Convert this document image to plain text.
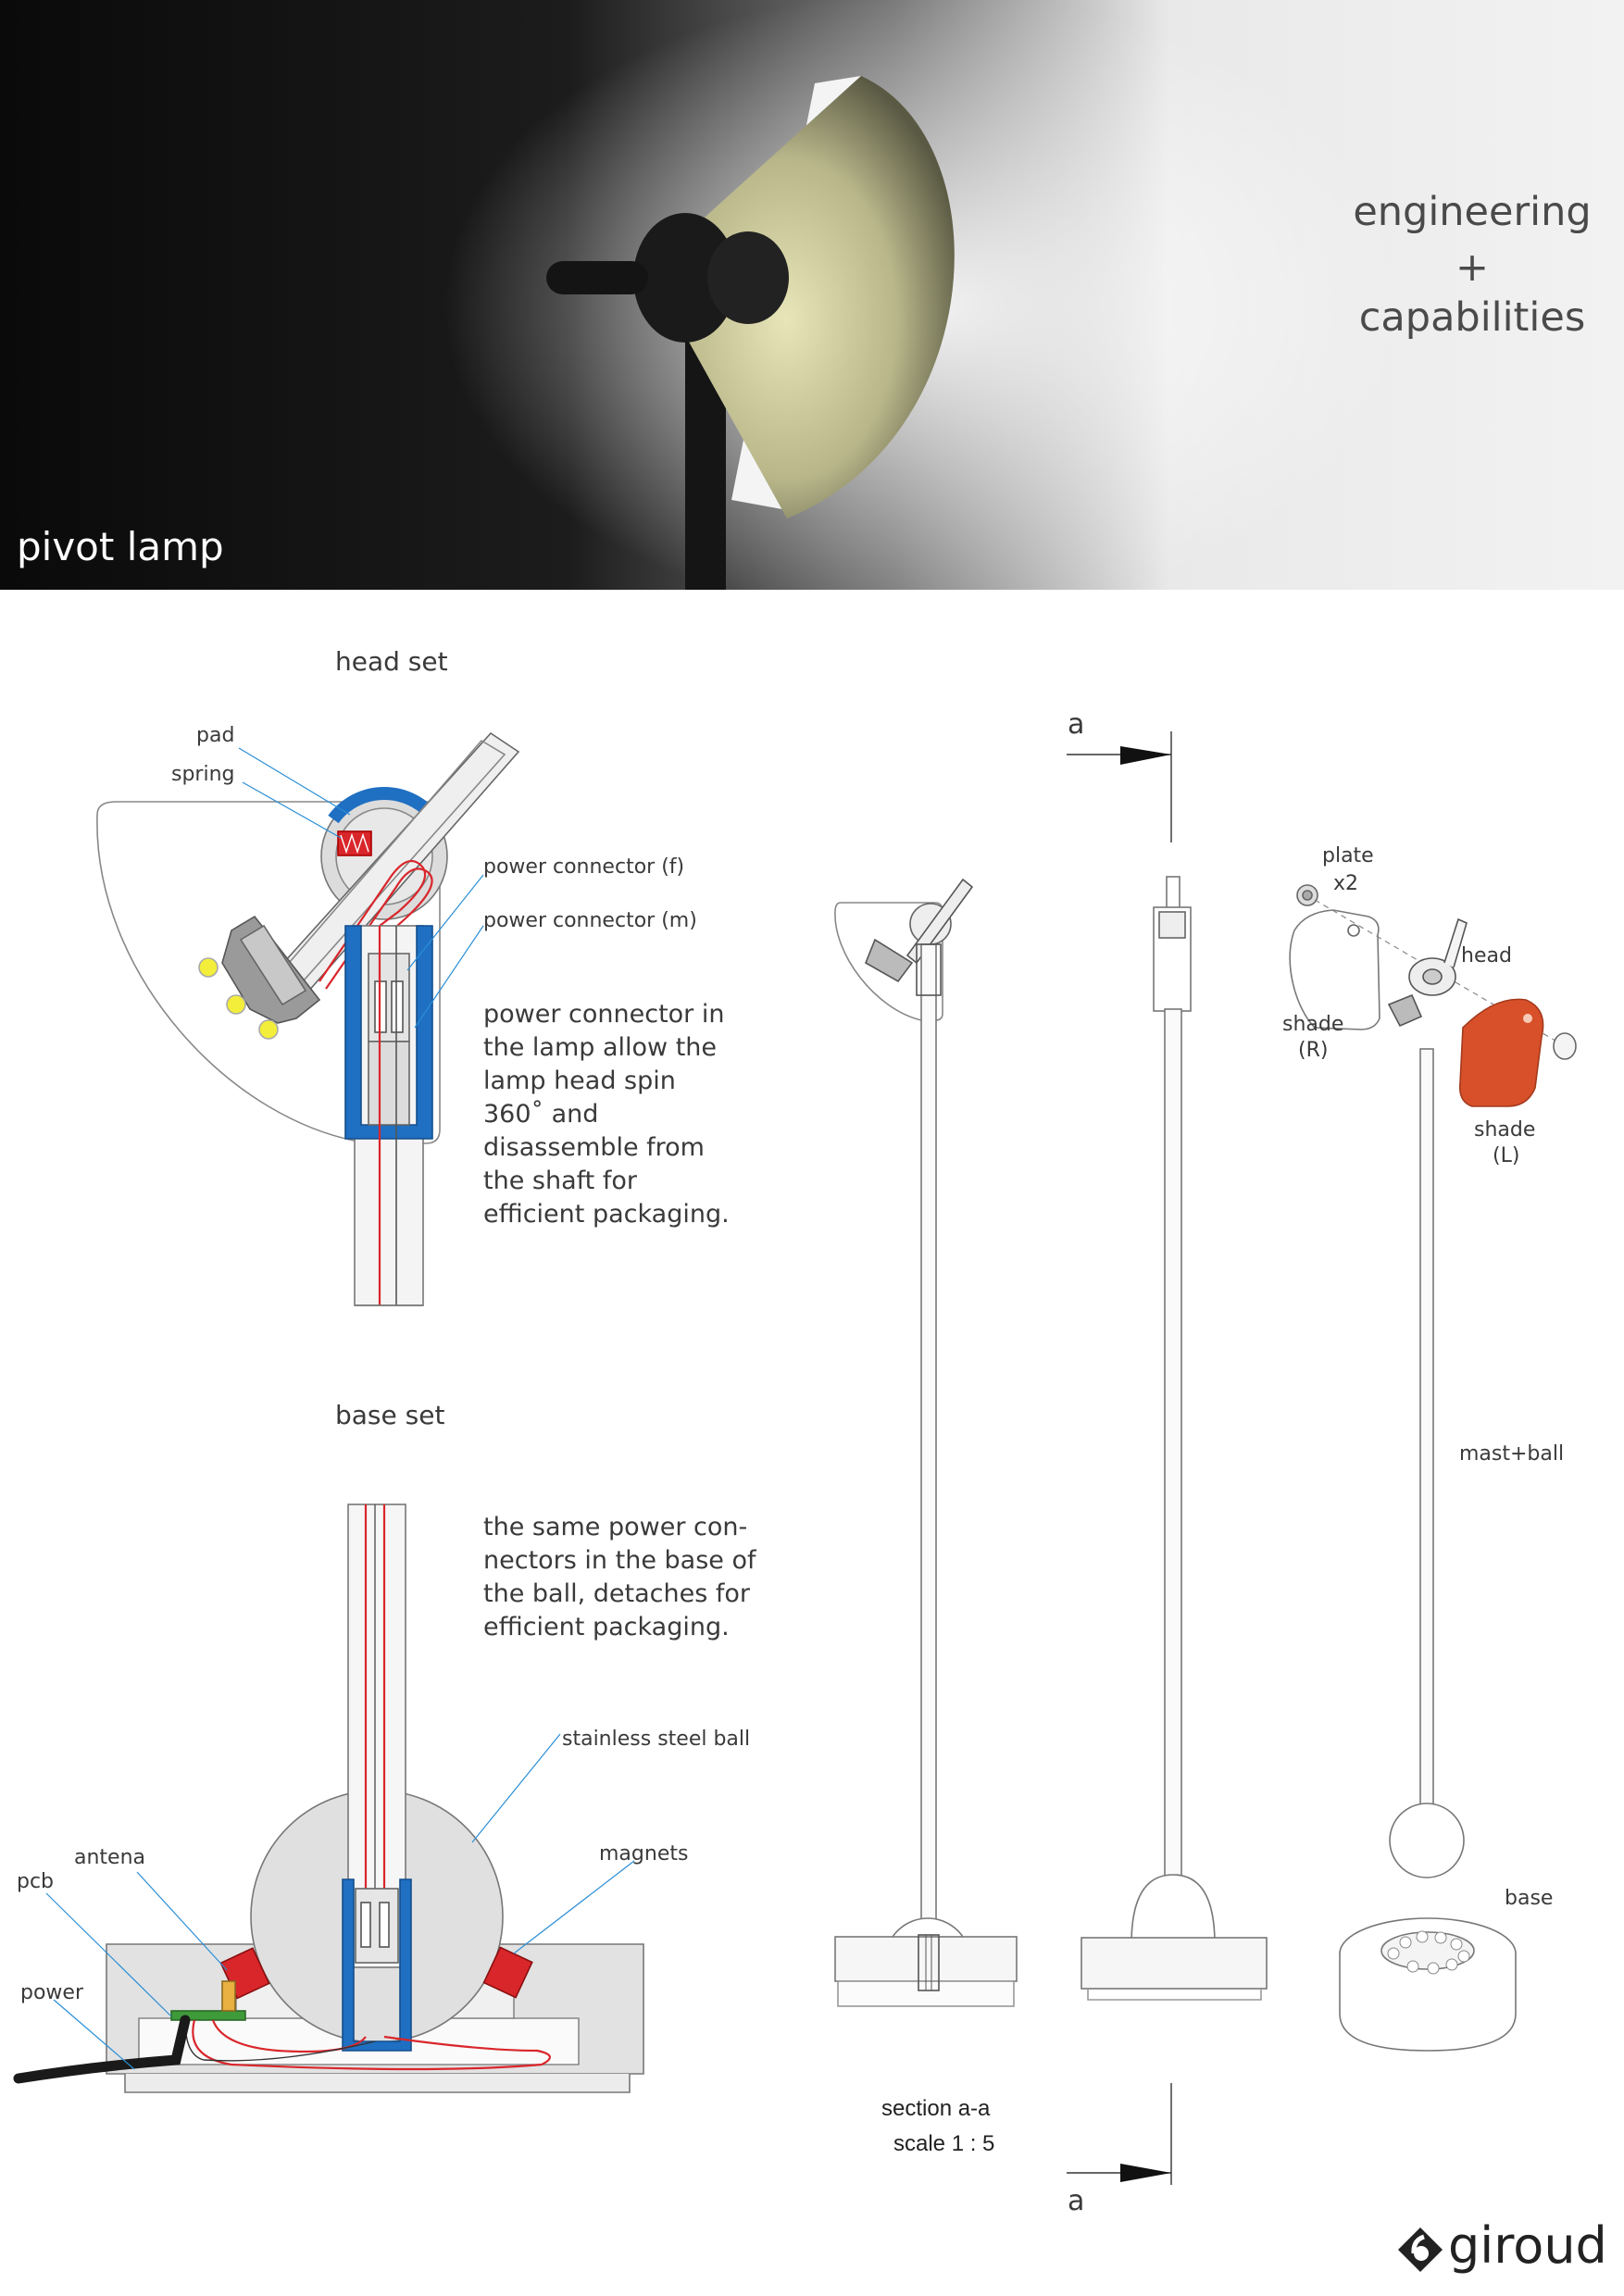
pivot lamp
engineering
+
capabilities
head set
pad
spring
power connector (f)
power connector (m)
power connector in the lamp allow the lamp head spin 360˚ and disassemble from the shaft for efficient packaging.
base set
the same power con-nectors in the base of the ball, detaches for efficient packaging.
stainless steel ball
magnets
antena
pcb
power
a
a
section a-a
scale 1 : 5
plate
x2
head
shade
(R)
shade
(L)
mast+ball
base
giroud
